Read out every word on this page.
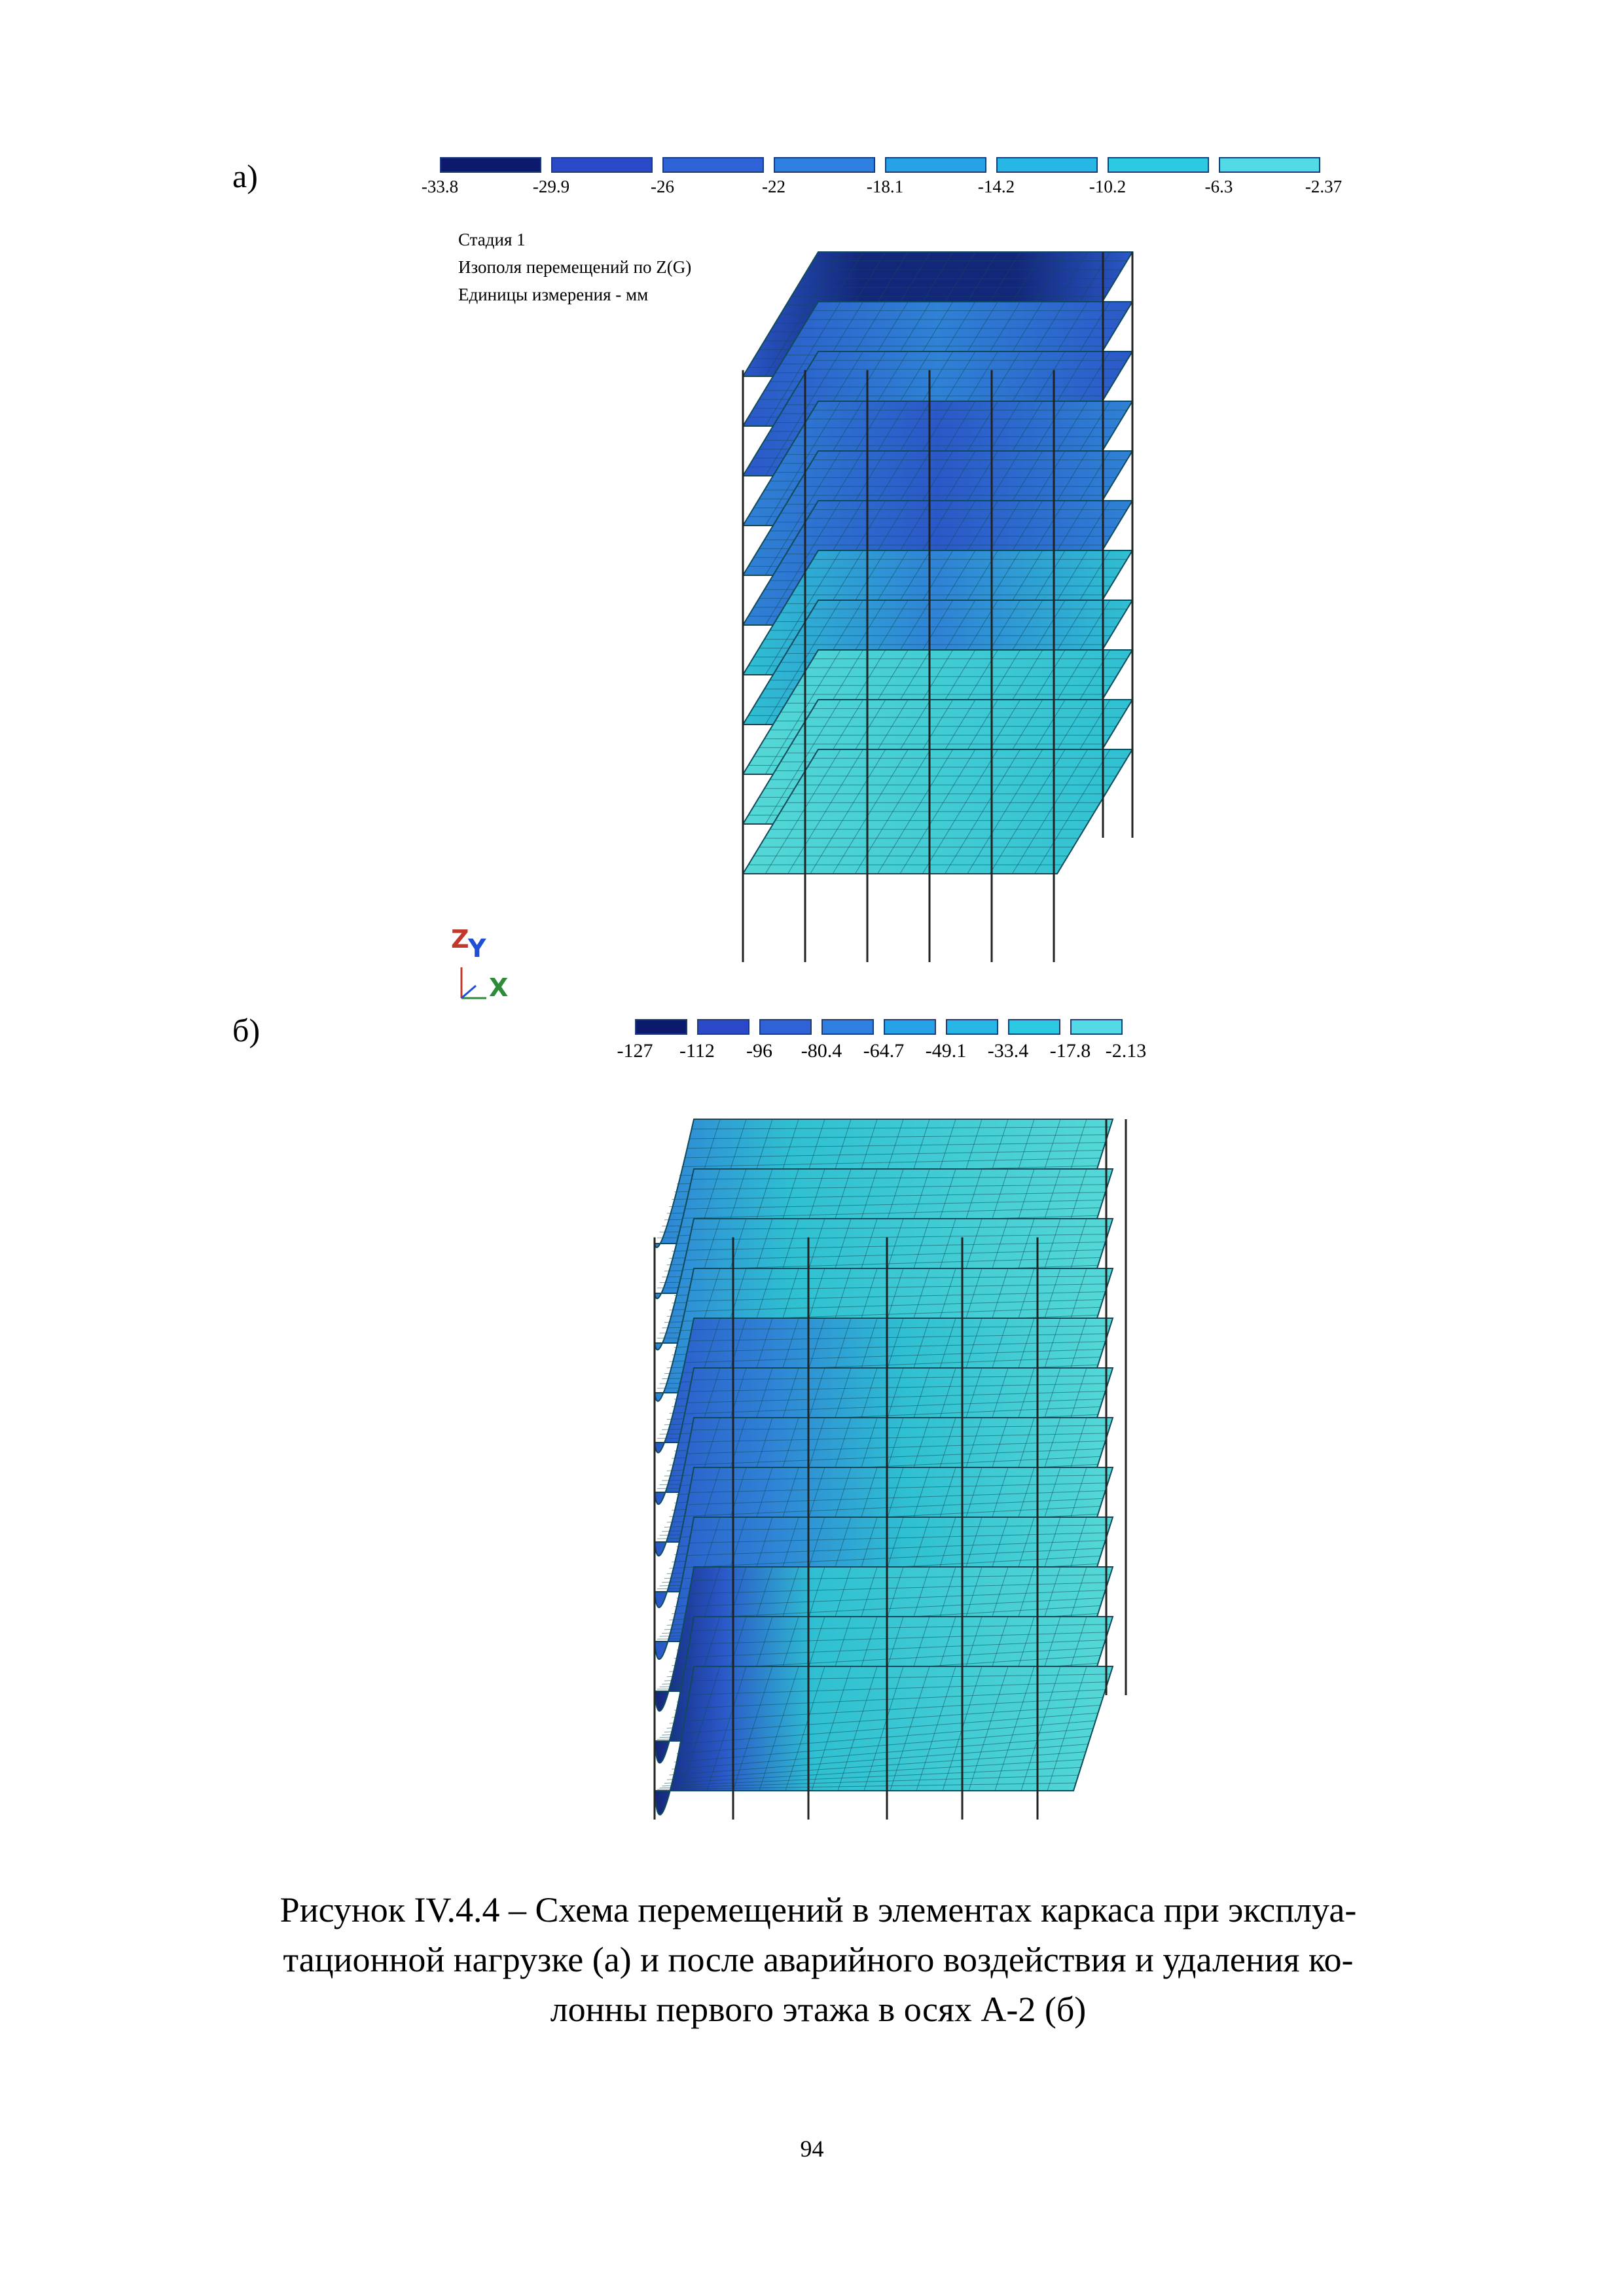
а)
б)
-33.8	-29.9	-26	-22	-18.1	-14.2	-10.2	-6.3	-2.37
Стадия 1
Изополя перемещений по Z(G)
Единицы измерения - мм
Z
Y
X
-127 -112 -96 -80.4 -64.7 -49.1 -33.4 -17.8 -2.13
Рисунок IV.4.4 – Схема перемещений в элементах каркаса при эксплуа-
тационной нагрузке (а) и после аварийного воздействия и удаления ко-
лонны первого этажа в осях А-2 (б)
94
